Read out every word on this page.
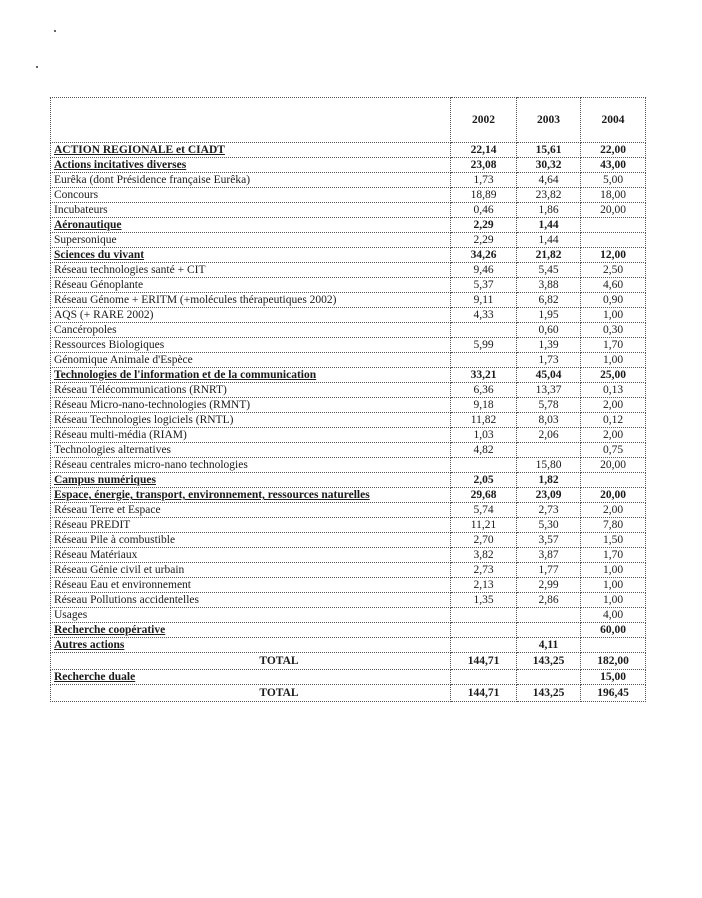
	2002	2003	2004
ACTION REGIONALE et CIADT	22,14	15,61	22,00
Actions incitatives diverses	23,08	30,32	43,00
Eurêka (dont Présidence française Eurêka)	1,73	4,64	5,00
Concours	18,89	23,82	18,00
Incubateurs	0,46	1,86	20,00
Aéronautique	2,29	1,44	
Supersonique	2,29	1,44	
Sciences du vivant	34,26	21,82	12,00
Réseau technologies santé + CIT	9,46	5,45	2,50
Réseau Génoplante	5,37	3,88	4,60
Réseau Génome + ERITM (+molécules thérapeutiques 2002)	9,11	6,82	0,90
AQS (+ RARE 2002)	4,33	1,95	1,00
Cancéropoles		0,60	0,30
Ressources Biologiques	5,99	1,39	1,70
Génomique Animale d'Espèce		1,73	1,00
Technologies de l'information et de la communication	33,21	45,04	25,00
Réseau Télécommunications (RNRT)	6,36	13,37	0,13
Réseau Micro-nano-technologies (RMNT)	9,18	5,78	2,00
Réseau Technologies logiciels (RNTL)	11,82	8,03	0,12
Réseau multi-média (RIAM)	1,03	2,06	2,00
Technologies alternatives	4,82		0,75
Réseau centrales micro-nano technologies		15,80	20,00
Campus numériques	2,05	1,82	
Espace, énergie, transport, environnement, ressources naturelles	29,68	23,09	20,00
Réseau Terre et Espace	5,74	2,73	2,00
Réseau PREDIT	11,21	5,30	7,80
Réseau Pile à combustible	2,70	3,57	1,50
Réseau Matériaux	3,82	3,87	1,70
Réseau Génie civil et urbain	2,73	1,77	1,00
Réseau Eau et environnement	2,13	2,99	1,00
Réseau Pollutions accidentelles	1,35	2,86	1,00
Usages			4,00
Recherche coopérative			60,00
Autres actions		4,11	
TOTAL	144,71	143,25	182,00
Recherche duale			15,00
TOTAL	144,71	143,25	196,45
